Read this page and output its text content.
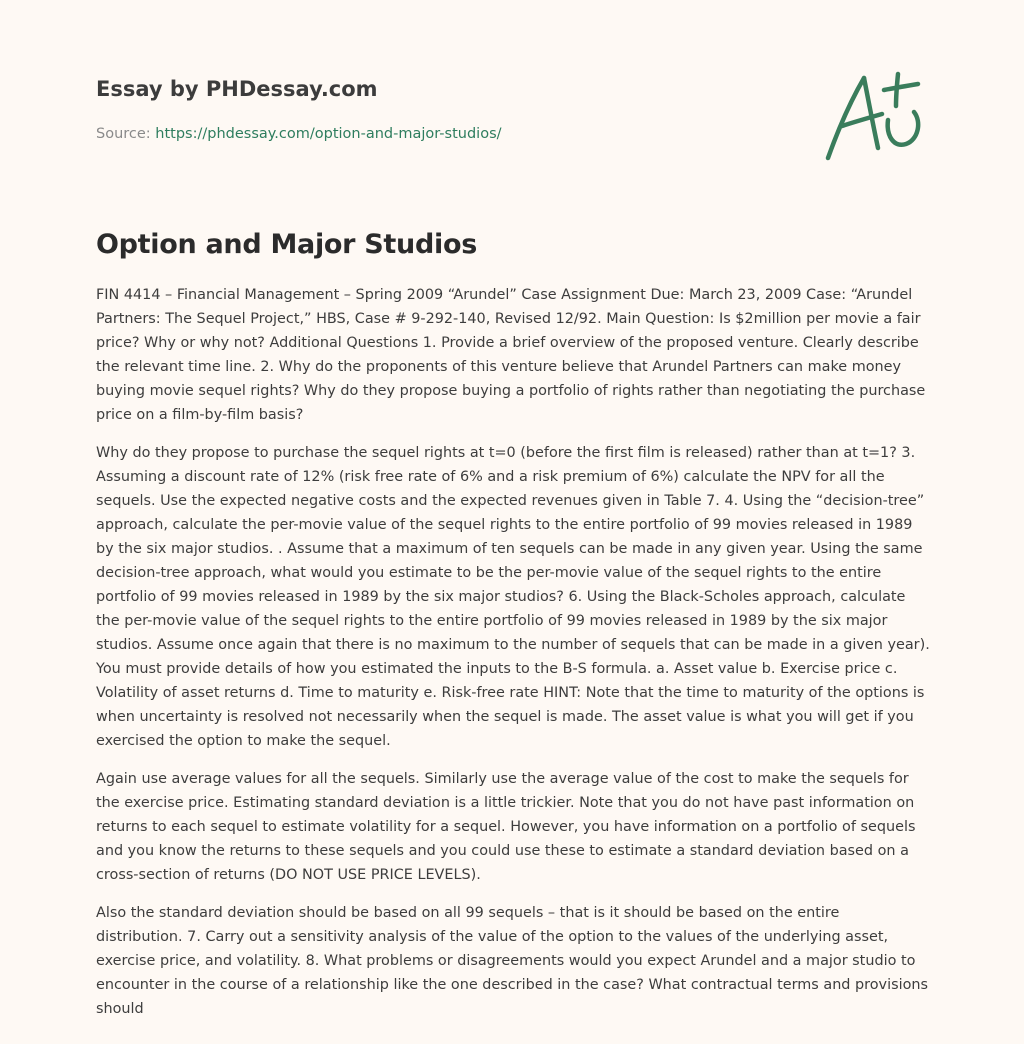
Essay by PHDessay.com
Source: https://phdessay.com/option-and-major-studios/
Option and Major Studios

FIN 4414 – Financial Management – Spring 2009 “Arundel” Case Assignment Due: March 23, 2009 Case: “Arundel Partners: The Sequel Project,” HBS, Case # 9-292-140, Revised 12/92. Main Question: Is $2million per movie a fair price? Why or why not? Additional Questions 1. Provide a brief overview of the proposed venture. Clearly describe the relevant time line. 2. Why do the proponents of this venture believe that Arundel Partners can make money buying movie sequel rights? Why do they propose buying a portfolio of rights rather than negotiating the purchase price on a film-by-film basis?

Why do they propose to purchase the sequel rights at t=0 (before the first film is released) rather than at t=1? 3. Assuming a discount rate of 12% (risk free rate of 6% and a risk premium of 6%) calculate the NPV for all the sequels. Use the expected negative costs and the expected revenues given in Table 7. 4. Using the “decision-tree” approach, calculate the per-movie value of the sequel rights to the entire portfolio of 99 movies released in 1989 by the six major studios. . Assume that a maximum of ten sequels can be made in any given year. Using the same decision-tree approach, what would you estimate to be the per-movie value of the sequel rights to the entire portfolio of 99 movies released in 1989 by the six major studios? 6. Using the Black-Scholes approach, calculate the per-movie value of the sequel rights to the entire portfolio of 99 movies released in 1989 by the six major studios. Assume once again that there is no maximum to the number of sequels that can be made in a given year). You must provide details of how you estimated the inputs to the B-S formula. a. Asset value b. Exercise price c. Volatility of asset returns d. Time to maturity e. Risk-free rate HINT: Note that the time to maturity of the options is when uncertainty is resolved not necessarily when the sequel is made. The asset value is what you will get if you exercised the option to make the sequel.

Again use average values for all the sequels. Similarly use the average value of the cost to make the sequels for the exercise price. Estimating standard deviation is a little trickier. Note that you do not have past information on returns to each sequel to estimate volatility for a sequel. However, you have information on a portfolio of sequels and you know the returns to these sequels and you could use these to estimate a standard deviation based on a cross-section of returns (DO NOT USE PRICE LEVELS).

Also the standard deviation should be based on all 99 sequels – that is it should be based on the entire distribution. 7. Carry out a sensitivity analysis of the value of the option to the values of the underlying asset, exercise price, and volatility. 8. What problems or disagreements would you expect Arundel and a major studio to encounter in the course of a relationship like the one described in the case? What contractual terms and provisions should
